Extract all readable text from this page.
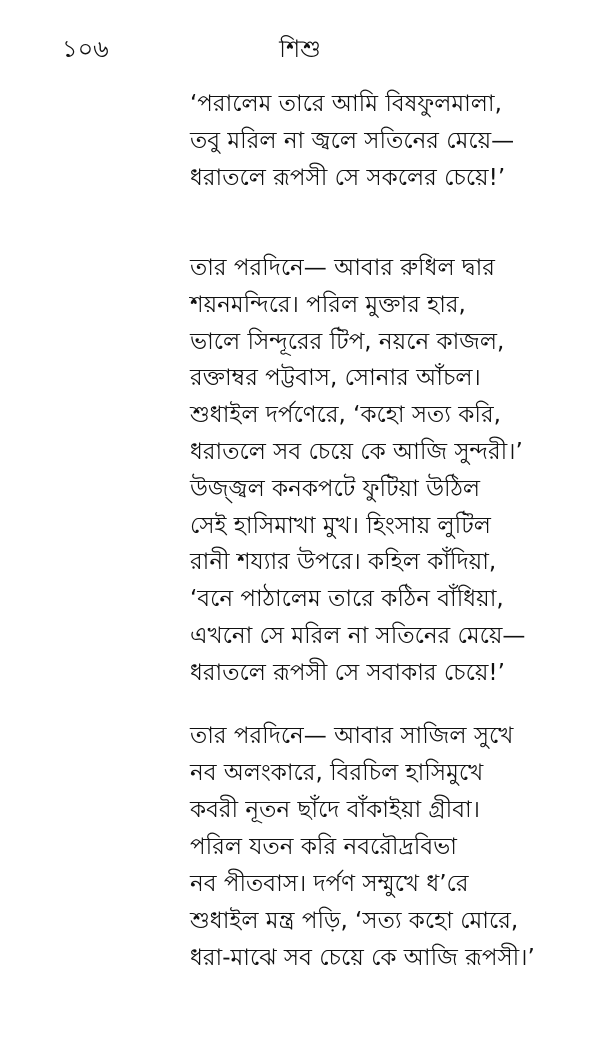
১০৬	শিশু
‘পরালেম তারে আমি বিষফুলমালা,
তবু মরিল না জ্বলে সতিনের মেয়ে—
ধরাতলে রূপসী সে সকলের চেয়ে!’
তার পরদিনে— আবার রুধিল দ্বার
শয়নমন্দিরে। পরিল মুক্তার হার,
ভালে সিন্দূরের টিপ, নয়নে কাজল,
রক্তাম্বর পট্টবাস, সোনার আঁচল।
শুধাইল দর্পণেরে, ‘কহো সত্য করি,
ধরাতলে সব চেয়ে কে আজি সুন্দরী।’
উজ্জ্বল কনকপটে ফুটিয়া উঠিল
সেই হাসিমাখা মুখ। হিংসায় লুটিল
রানী শয্যার উপরে। কহিল কাঁদিয়া,
‘বনে পাঠালেম তারে কঠিন বাঁধিয়া,
এখনো সে মরিল না সতিনের মেয়ে—
ধরাতলে রূপসী সে সবাকার চেয়ে!’
তার পরদিনে— আবার সাজিল সুখে
নব অলংকারে, বিরচিল হাসিমুখে
কবরী নূতন ছাঁদে বাঁকাইয়া গ্রীবা।
পরিল যতন করি নবরৌদ্রবিভা
নব পীতবাস। দর্পণ সম্মুখে ধ’রে
শুধাইল মন্ত্র পড়ি, ‘সত্য কহো মোরে,
ধরা-মাঝে সব চেয়ে কে আজি রূপসী।’
